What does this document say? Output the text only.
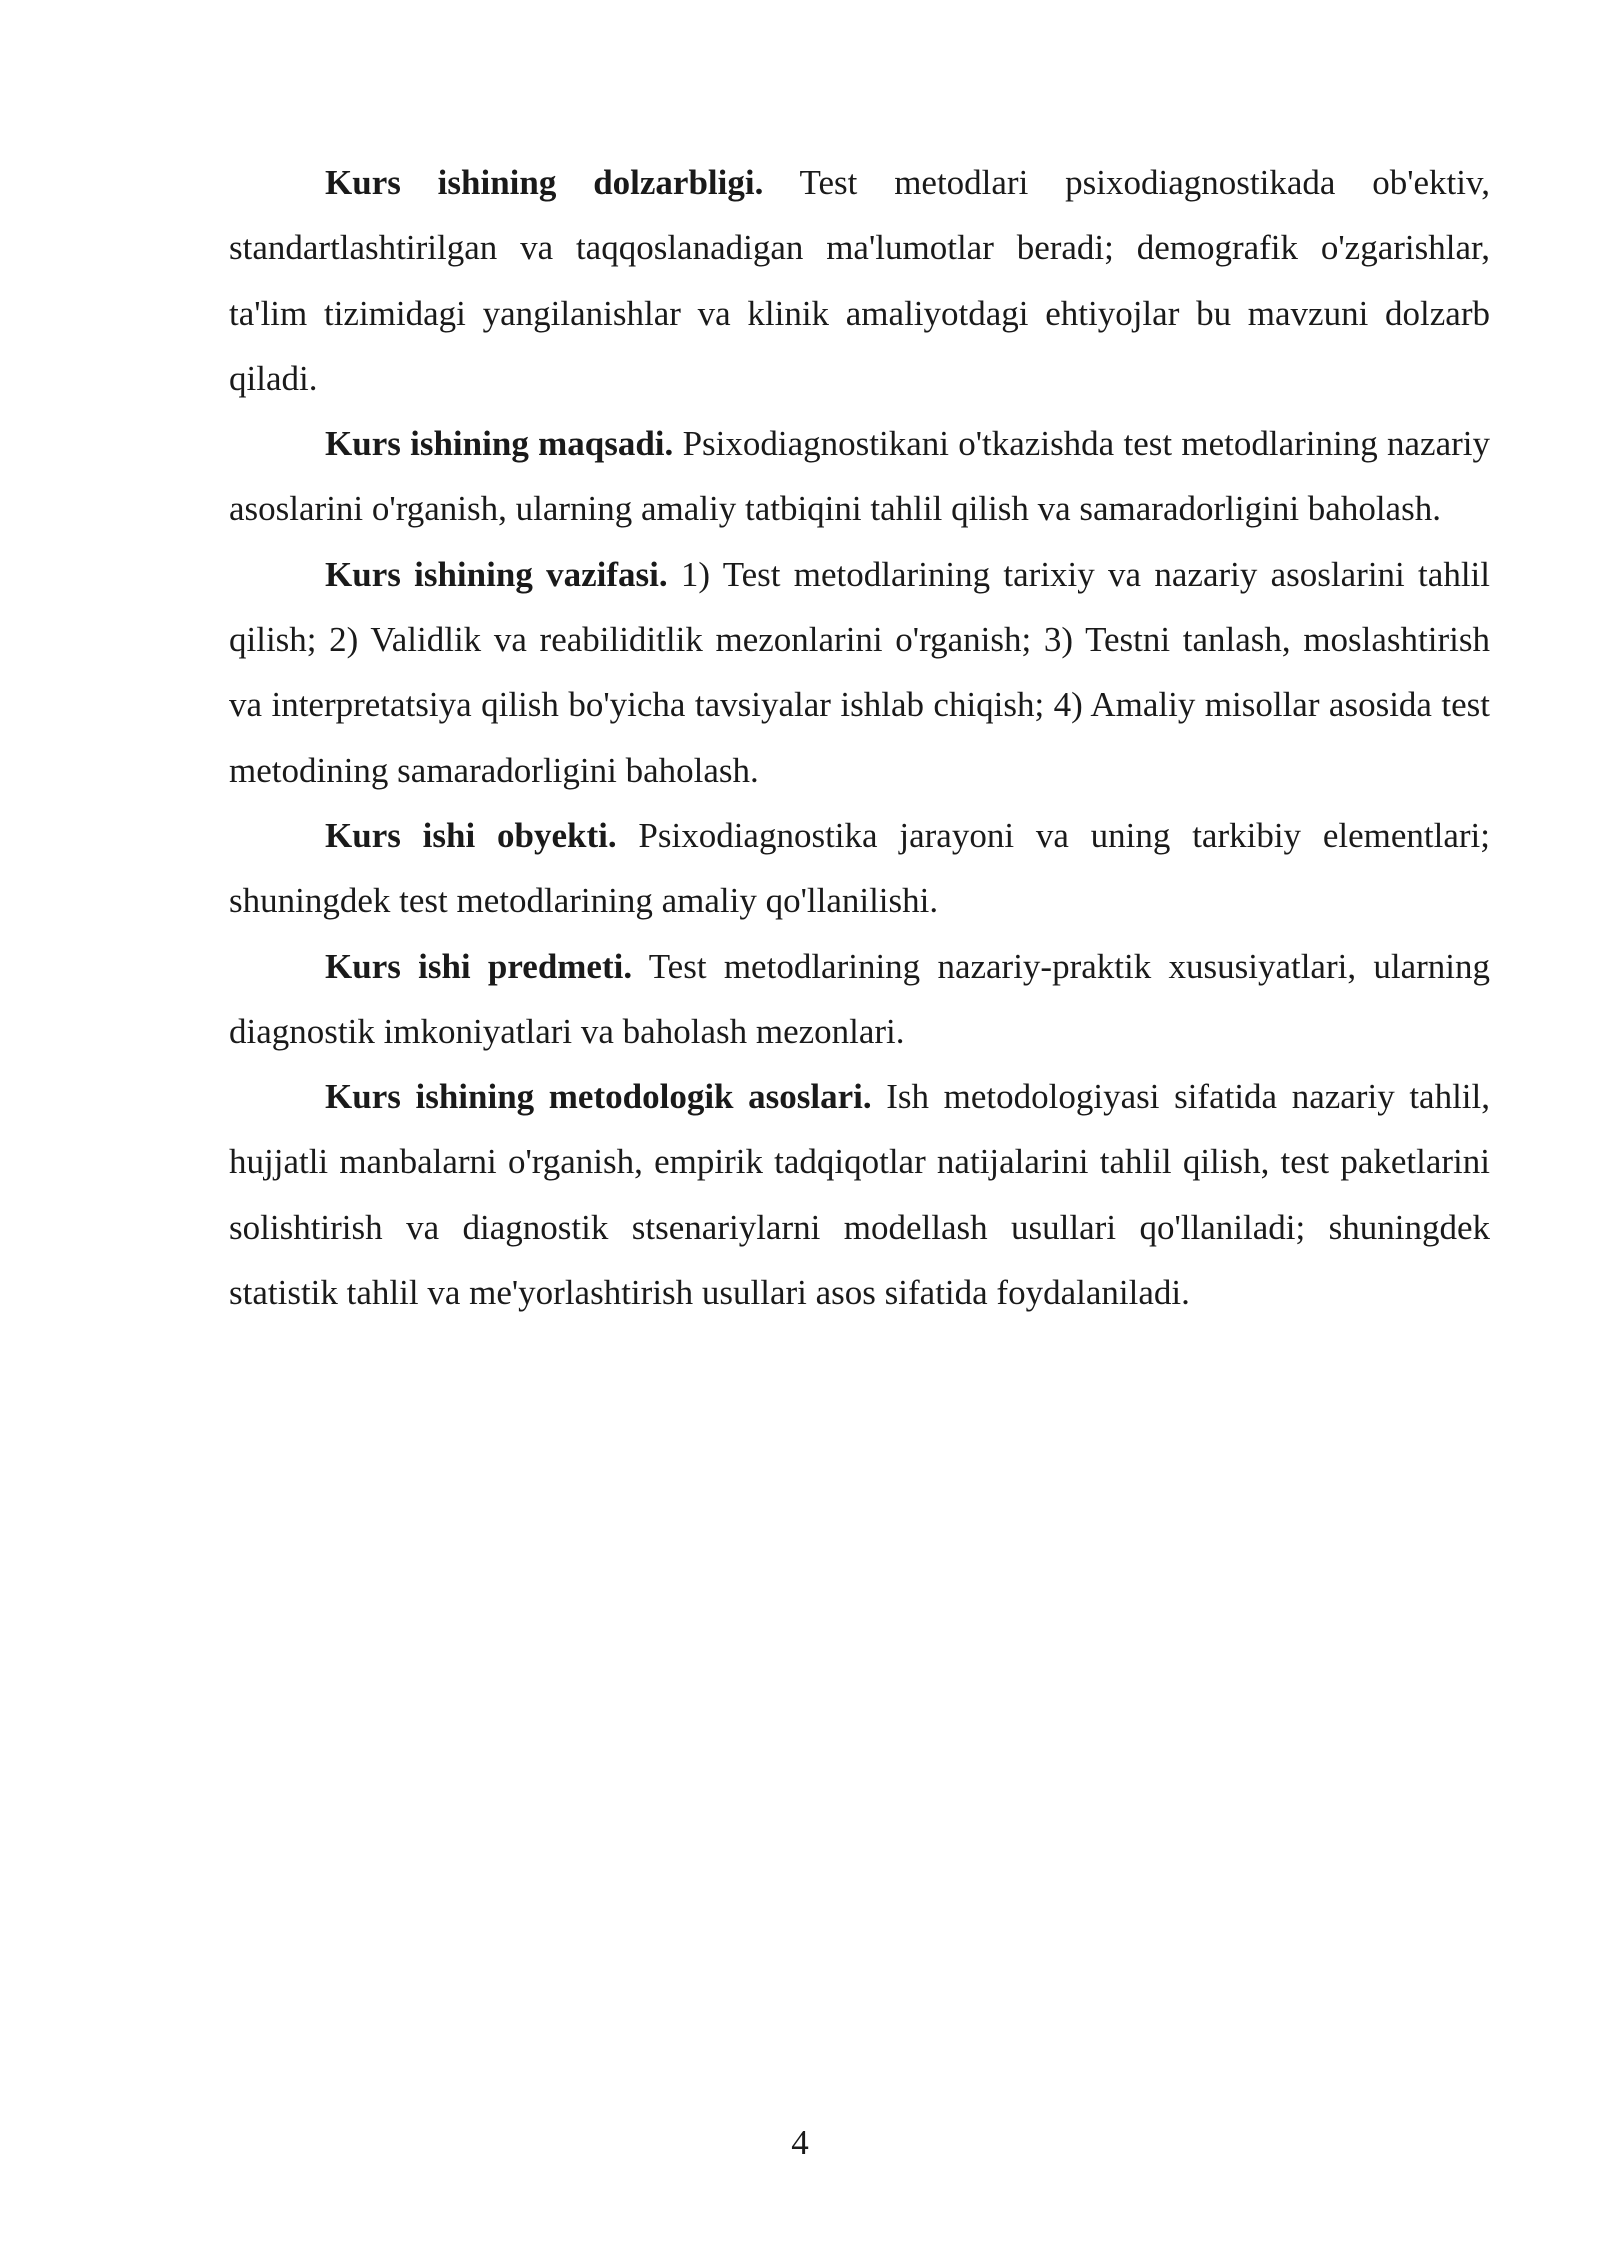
Kurs ishining dolzarbligi. Test metodlari psixodiagnostikada ob'ektiv, standartlashtirilgan va taqqoslanadigan ma'lumotlar beradi; demografik o'zgarishlar, ta'lim tizimidagi yangilanishlar va klinik amaliyotdagi ehtiyojlar bu mavzuni dolzarb qiladi.

Kurs ishining maqsadi. Psixodiagnostikani o'tkazishda test metodlarining nazariy asoslarini o'rganish, ularning amaliy tatbiqini tahlil qilish va samaradorligini baholash.

Kurs ishining vazifasi. 1) Test metodlarining tarixiy va nazariy asoslarini tahlil qilish; 2) Validlik va reabiliditlik mezonlarini o'rganish; 3) Testni tanlash, moslashtirish va interpretatsiya qilish bo'yicha tavsiyalar ishlab chiqish; 4) Amaliy misollar asosida test metodining samaradorligini baholash.

Kurs ishi obyekti. Psixodiagnostika jarayoni va uning tarkibiy elementlari; shuningdek test metodlarining amaliy qo'llanilishi.

Kurs ishi predmeti. Test metodlarining nazariy-praktik xususiyatlari, ularning diagnostik imkoniyatlari va baholash mezonlari.

Kurs ishining metodologik asoslari. Ish metodologiyasi sifatida nazariy tahlil, hujjatli manbalarni o'rganish, empirik tadqiqotlar natijalarini tahlil qilish, test paketlarini solishtirish va diagnostik stsenariylarni modellash usullari qo'llaniladi; shuningdek statistik tahlil va me'yorlashtirish usullari asos sifatida foydalaniladi.

4
